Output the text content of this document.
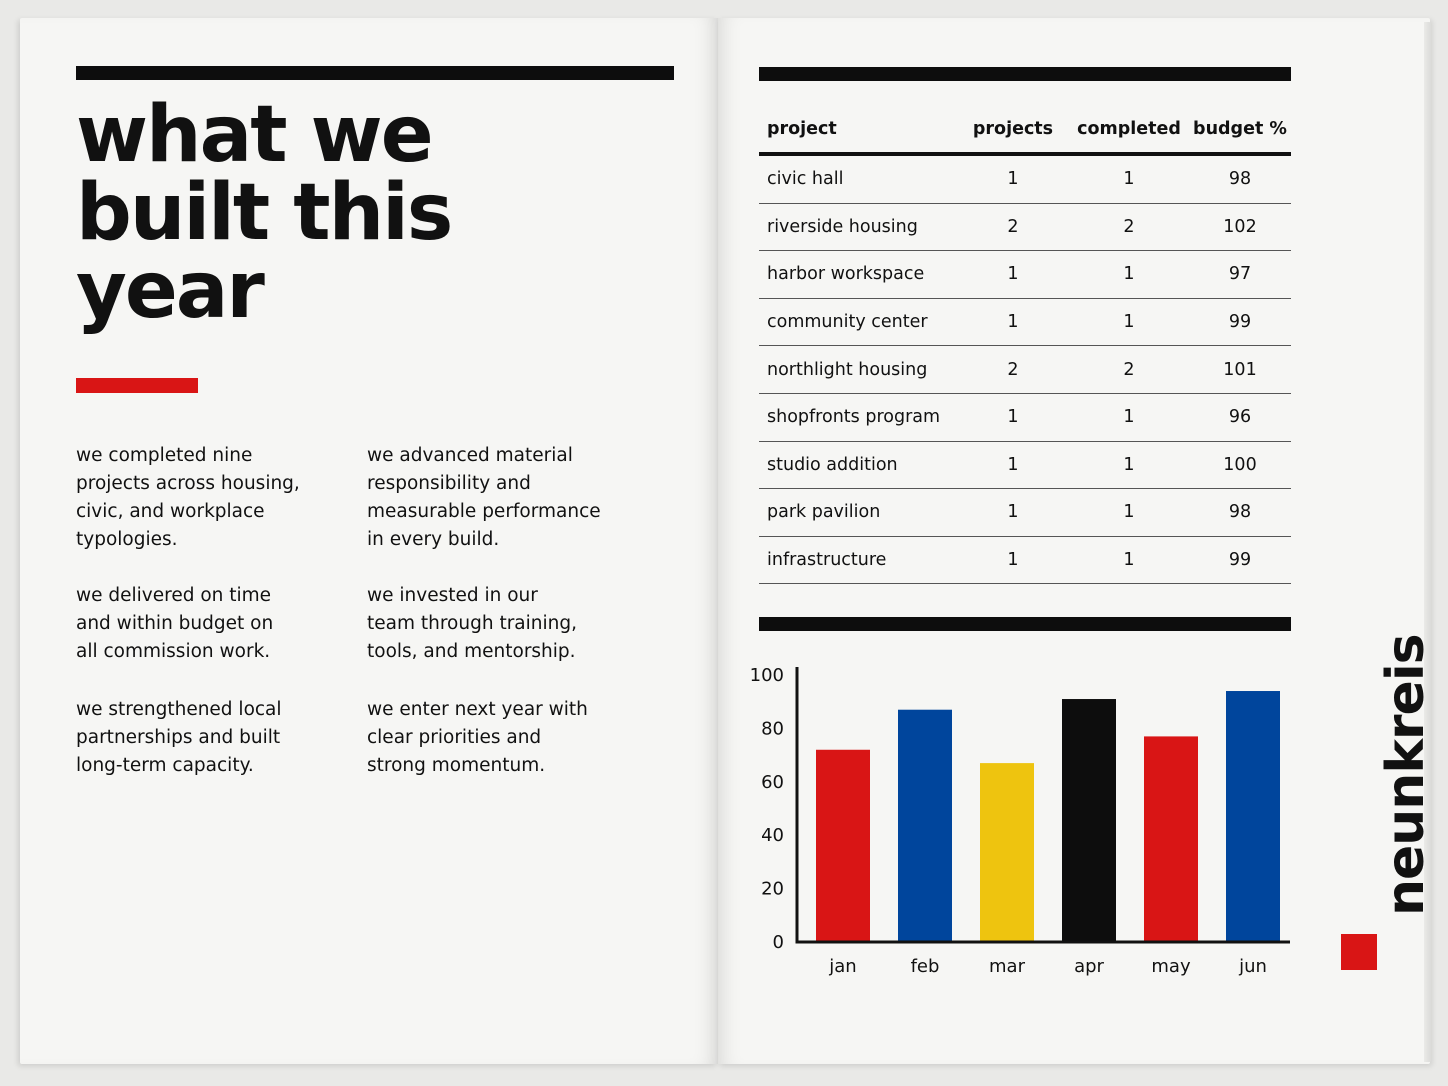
what we
built this
year

we completed nine projects across housing, civic, and workplace typologies.

we delivered on time and within budget on all commission work.

we strengthened local partnerships and built long-term capacity.

we advanced material responsibility and measurable performance in every build.

we invested in our team through training, tools, and mentorship.

we enter next year with clear priorities and strong momentum.

project	projects	completed	budget %
civic hall	1	1	98
riverside housing	2	2	102
harbor workspace	1	1	97
community center	1	1	99
northlight housing	2	2	101
shopfronts program	1	1	96
studio addition	1	1	100
park pavilion	1	1	98
infrastructure	1	1	99
0
20
40
60
80
100
jan	feb	mar	apr	may	jun
neunkreis
